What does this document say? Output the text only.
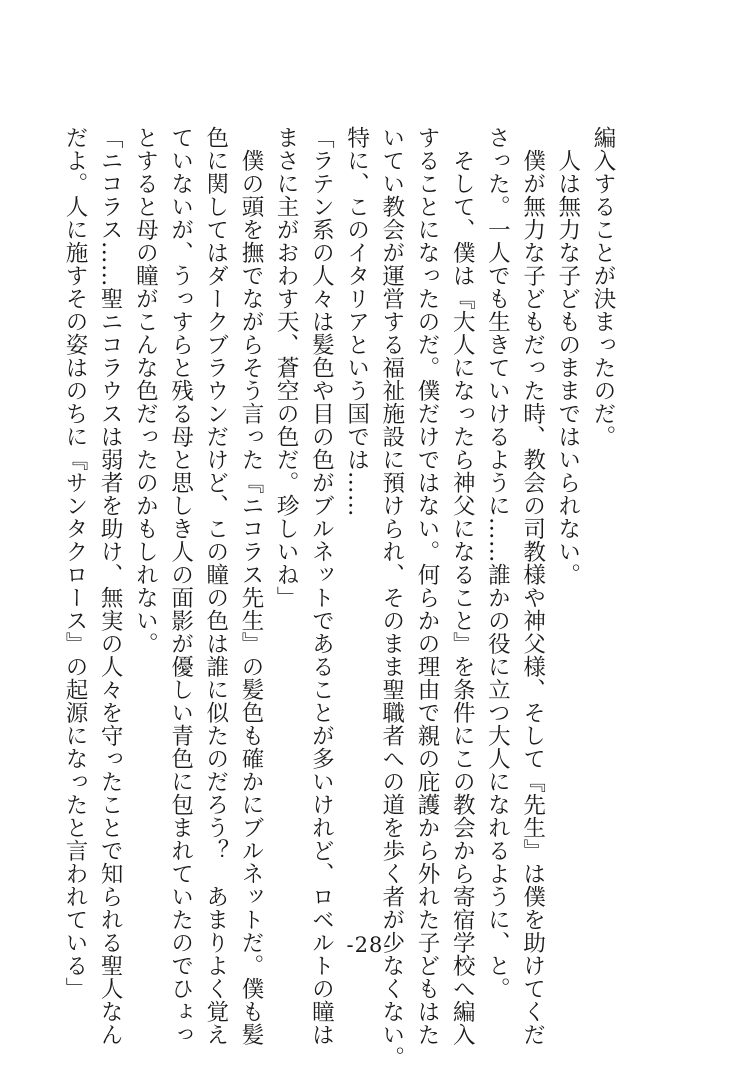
編入することが決まったのだ。
　人は無力な子どものままではいられない。
　僕が無力な子どもだった時、教会の司教様や神父様、そして『先生』は僕を助けてくだ
さった。一人でも生きていけるように……誰かの役に立つ大人になれるように、と。
　そして、僕は『大人になったら神父になること』を条件にこの教会から寄宿学校へ編入
することになったのだ。僕だけではない。何らかの理由で親の庇護から外れた子どもはた
いてい教会が運営する福祉施設に預けられ、そのまま聖職者への道を歩く者が少なくない。
特に、このイタリアという国では……
「ラテン系の人々は髪色や目の色がブルネットであることが多いけれど、ロベルトの瞳は
まさに主がおわす天、蒼空の色だ。珍しいね」
　僕の頭を撫でながらそう言った『ニコラス先生』の髪色も確かにブルネットだ。僕も髪
色に関してはダークブラウンだけど、この瞳の色は誰に似たのだろう？　あまりよく覚え
ていないが、うっすらと残る母と思しき人の面影が優しい青色に包まれていたのでひょっ
とすると母の瞳がこんな色だったのかもしれない。
「ニコラス……聖ニコラウスは弱者を助け、無実の人々を守ったことで知られる聖人なん
だよ。人に施すその姿はのちに『サンタクロース』の起源になったと言われている」	-28-
